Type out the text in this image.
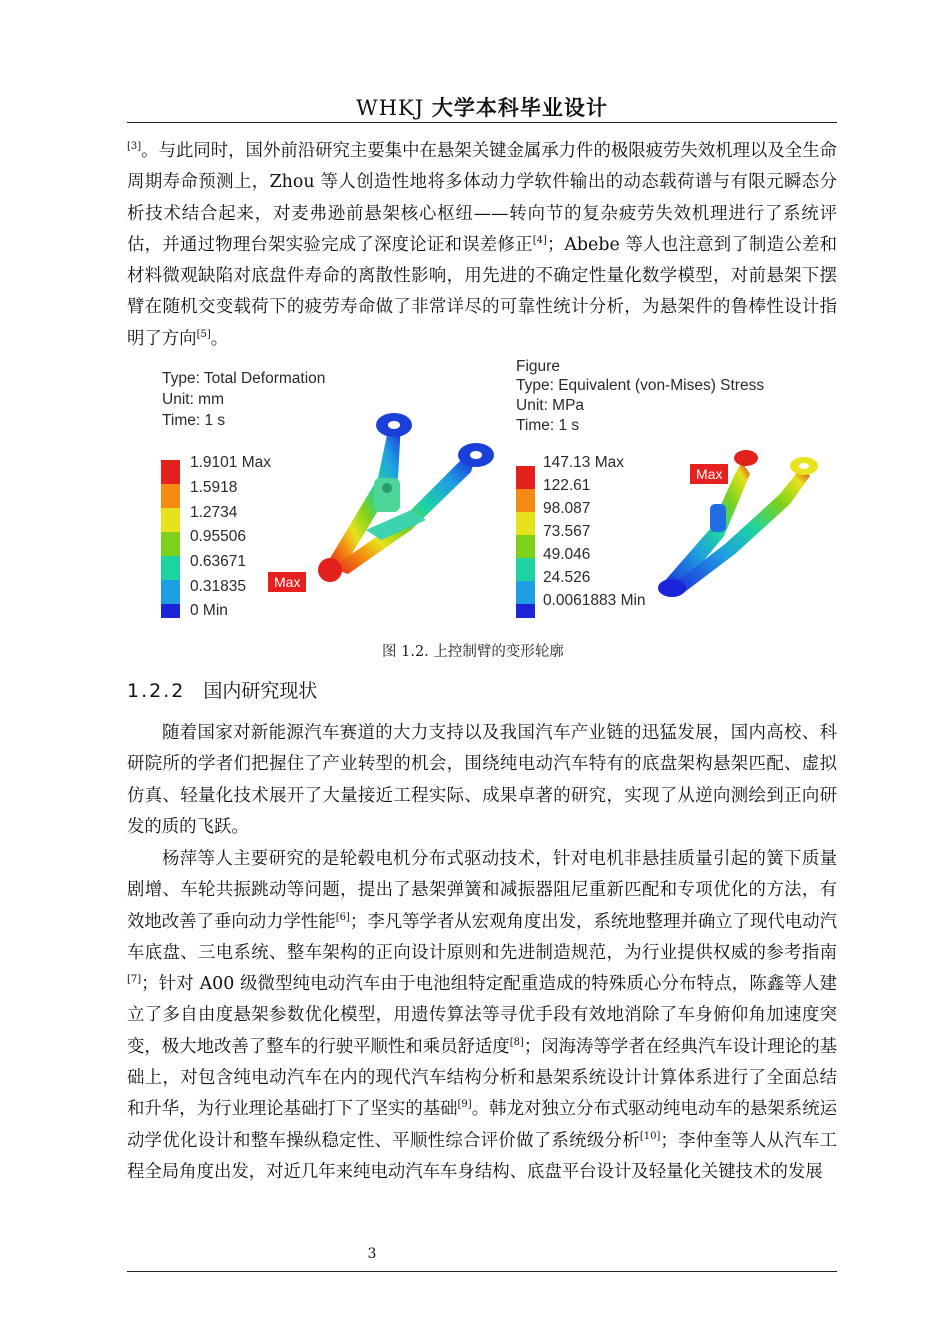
WHKJ 大学本科毕业设计

[3]。与此同时，国外前沿研究主要集中在悬架关键金属承力件的极限疲劳失效机理以及全生命周期寿命预测上，Zhou 等人创造性地将多体动力学软件输出的动态载荷谱与有限元瞬态分析技术结合起来，对麦弗逊前悬架核心枢纽——转向节的复杂疲劳失效机理进行了系统评估，并通过物理台架实验完成了深度论证和误差修正[4]；Abebe 等人也注意到了制造公差和材料微观缺陷对底盘件寿命的离散性影响，用先进的不确定性量化数学模型，对前悬架下摆臂在随机交变载荷下的疲劳寿命做了非常详尽的可靠性统计分析，为悬架件的鲁棒性设计指明了方向[5]。

Type: Total Deformation
Unit: mm
Time: 1 s
1.9101 Max
1.5918
1.2734
0.95506
0.63671
0.31835
0 Min
Max
Figure
Type: Equivalent (von-Mises) Stress
Unit: MPa
Time: 1 s
147.13 Max
122.61
98.087
73.567
49.046
24.526
0.0061883 Min
Max
图 1.2. 上控制臂的变形轮廓
1.2.2 国内研究现状

随着国家对新能源汽车赛道的大力支持以及我国汽车产业链的迅猛发展，国内高校、科研院所的学者们把握住了产业转型的机会，围绕纯电动汽车特有的底盘架构悬架匹配、虚拟仿真、轻量化技术展开了大量接近工程实际、成果卓著的研究，实现了从逆向测绘到正向研发的质的飞跃。

杨萍等人主要研究的是轮毂电机分布式驱动技术，针对电机非悬挂质量引起的簧下质量剧增、车轮共振跳动等问题，提出了悬架弹簧和减振器阻尼重新匹配和专项优化的方法，有效地改善了垂向动力学性能[6]；李凡等学者从宏观角度出发，系统地整理并确立了现代电动汽车底盘、三电系统、整车架构的正向设计原则和先进制造规范，为行业提供权威的参考指南[7]；针对 A00 级微型纯电动汽车由于电池组特定配重造成的特殊质心分布特点，陈鑫等人建立了多自由度悬架参数优化模型，用遗传算法等寻优手段有效地消除了车身俯仰角加速度突变，极大地改善了整车的行驶平顺性和乘员舒适度[8]；闵海涛等学者在经典汽车设计理论的基础上，对包含纯电动汽车在内的现代汽车结构分析和悬架系统设计计算体系进行了全面总结和升华，为行业理论基础打下了坚实的基础[9]。韩龙对独立分布式驱动纯电动车的悬架系统运动学优化设计和整车操纵稳定性、平顺性综合评价做了系统级分析[10]；李仲奎等人从汽车工程全局角度出发，对近几年来纯电动汽车车身结构、底盘平台设计及轻量化关键技术的发展

3
